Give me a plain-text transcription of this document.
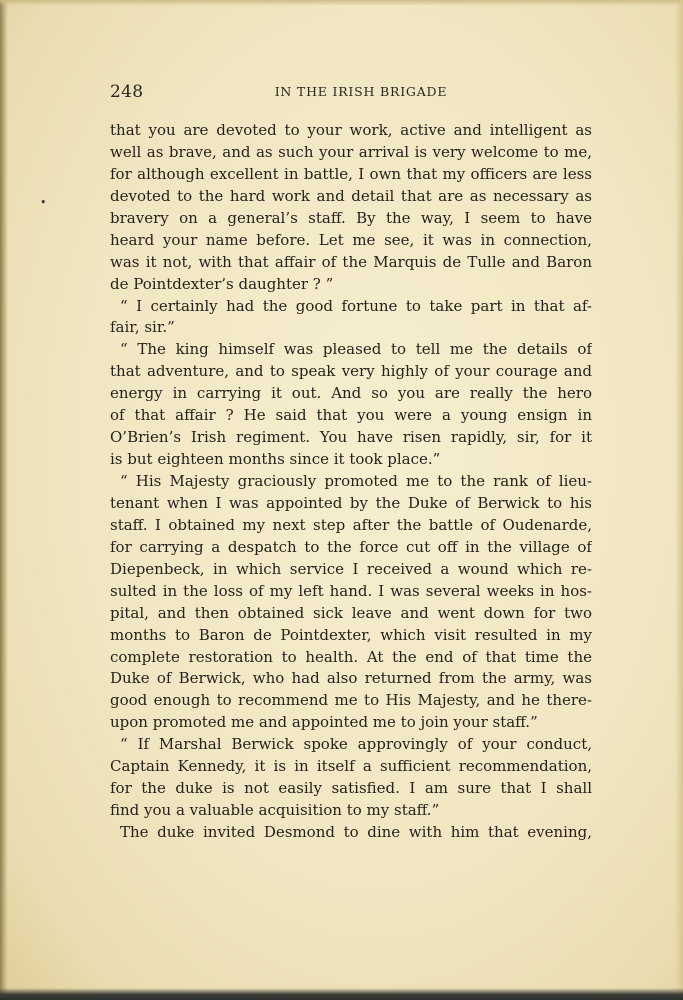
248	IN THE IRISH BRIGADE
•
that you are devoted to your work, active and intelligent as
well as brave, and as such your arrival is very welcome to me,
for although excellent in battle, I own that my officers are less
devoted to the hard work and detail that are as necessary as
bravery on a general’s staff. By the way, I seem to have
heard your name before. Let me see, it was in connection,
was it not, with that affair of the Marquis de Tulle and Baron
de Pointdexter’s daughter ? ”
“ I certainly had the good fortune to take part in that af-
fair, sir.”
“ The king himself was pleased to tell me the details of
that adventure, and to speak very highly of your courage and
energy in carrying it out. And so you are really the hero
of that affair ? He said that you were a young ensign in
O’Brien’s Irish regiment. You have risen rapidly, sir, for it
is but eighteen months since it took place.”
“ His Majesty graciously promoted me to the rank of lieu-
tenant when I was appointed by the Duke of Berwick to his
staff. I obtained my next step after the battle of Oudenarde,
for carrying a despatch to the force cut off in the village of
Diepenbeck, in which service I received a wound which re-
sulted in the loss of my left hand. I was several weeks in hos-
pital, and then obtained sick leave and went down for two
months to Baron de Pointdexter, which visit resulted in my
complete restoration to health. At the end of that time the
Duke of Berwick, who had also returned from the army, was
good enough to recommend me to His Majesty, and he there-
upon promoted me and appointed me to join your staff.”
“ If Marshal Berwick spoke approvingly of your conduct,
Captain Kennedy, it is in itself a sufficient recommendation,
for the duke is not easily satisfied. I am sure that I shall
find you a valuable acquisition to my staff.”
The duke invited Desmond to dine with him that evening,
